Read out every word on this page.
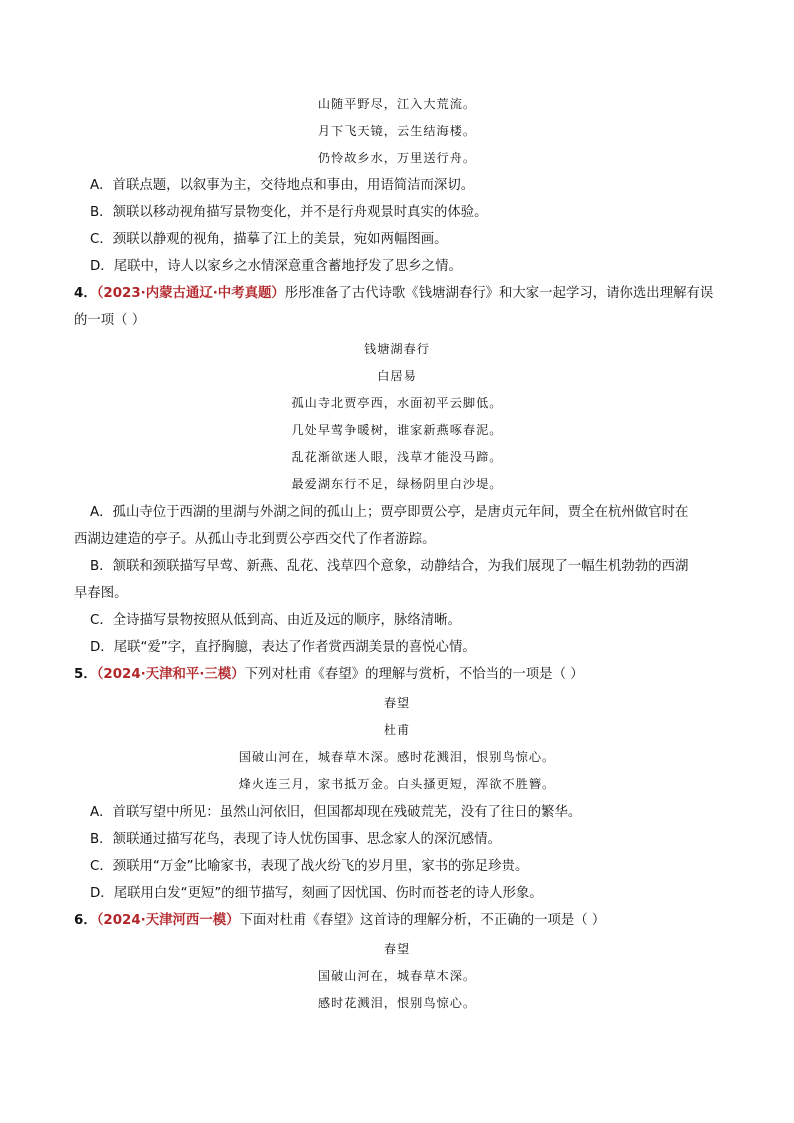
山随平野尽，江入大荒流。
月下飞天镜，云生结海楼。
仍怜故乡水，万里送行舟。
A．首联点题，以叙事为主，交待地点和事由，用语简洁而深切。
B．颔联以移动视角描写景物变化，并不是行舟观景时真实的体验。
C．颈联以静观的视角，描摹了江上的美景，宛如两幅图画。
D．尾联中，诗人以家乡之水情深意重含蓄地抒发了思乡之情。
4．（2023·内蒙古通辽·中考真题）彤彤准备了古代诗歌《钱塘湖春行》和大家一起学习，请你选出理解有误
的一项（ ）
钱塘湖春行
白居易
孤山寺北贾亭西，水面初平云脚低。
几处早莺争暖树，谁家新燕啄春泥。
乱花渐欲迷人眼，浅草才能没马蹄。
最爱湖东行不足，绿杨阴里白沙堤。
A．孤山寺位于西湖的里湖与外湖之间的孤山上；贾亭即贾公亭，是唐贞元年间，贾全在杭州做官时在
西湖边建造的亭子。从孤山寺北到贾公亭西交代了作者游踪。
B．颔联和颈联描写早莺、新燕、乱花、浅草四个意象，动静结合，为我们展现了一幅生机勃勃的西湖
早春图。
C．全诗描写景物按照从低到高、由近及远的顺序，脉络清晰。
D．尾联“爱”字，直抒胸臆，表达了作者赏西湖美景的喜悦心情。
5．（2024·天津和平·三模）下列对杜甫《春望》的理解与赏析，不恰当的一项是（ ）
春望
杜甫
国破山河在，城春草木深。感时花溅泪，恨别鸟惊心。
烽火连三月，家书抵万金。白头搔更短，浑欲不胜簪。
A．首联写望中所见：虽然山河依旧，但国都却现在残破荒芜，没有了往日的繁华。
B．颔联通过描写花鸟，表现了诗人忧伤国事、思念家人的深沉感情。
C．颈联用“万金”比喻家书，表现了战火纷飞的岁月里，家书的弥足珍贵。
D．尾联用白发“更短”的细节描写，刻画了因忧国、伤时而苍老的诗人形象。
6．（2024·天津河西一模）下面对杜甫《春望》这首诗的理解分析，不正确的一项是（ ）
春望
国破山河在，城春草木深。
感时花溅泪，恨别鸟惊心。
